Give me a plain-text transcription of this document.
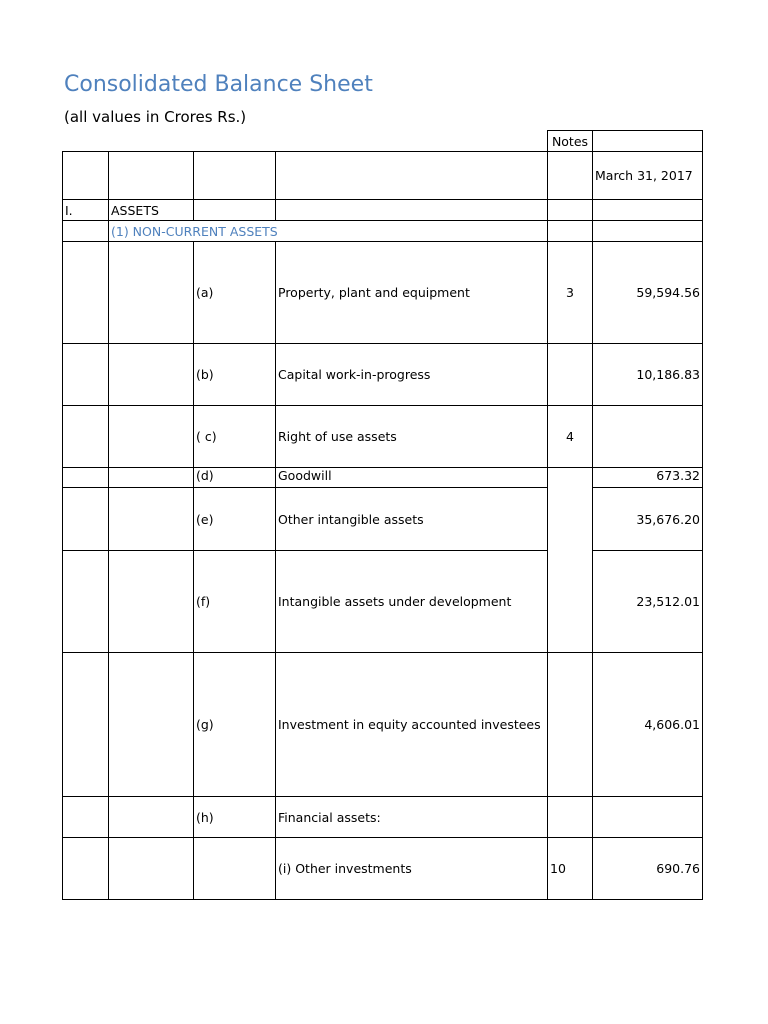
Consolidated Balance Sheet
(all values in Crores Rs.)
				Notes	
					March 31, 2017
I.	ASSETS				
	(1) NON-CURRENT ASSETS				
		(a)	Property, plant and equipment	3	59,594.56
		(b)	Capital work-in-progress		10,186.83
		( c)	Right of use assets	4	
		(d)	Goodwill		673.32
		(e)	Other intangible assets		35,676.20
		(f)	Intangible assets under development		23,512.01
		(g)	Investment in equity accounted investees		4,606.01
		(h)	Financial assets:		
			(i) Other investments	10	690.76
